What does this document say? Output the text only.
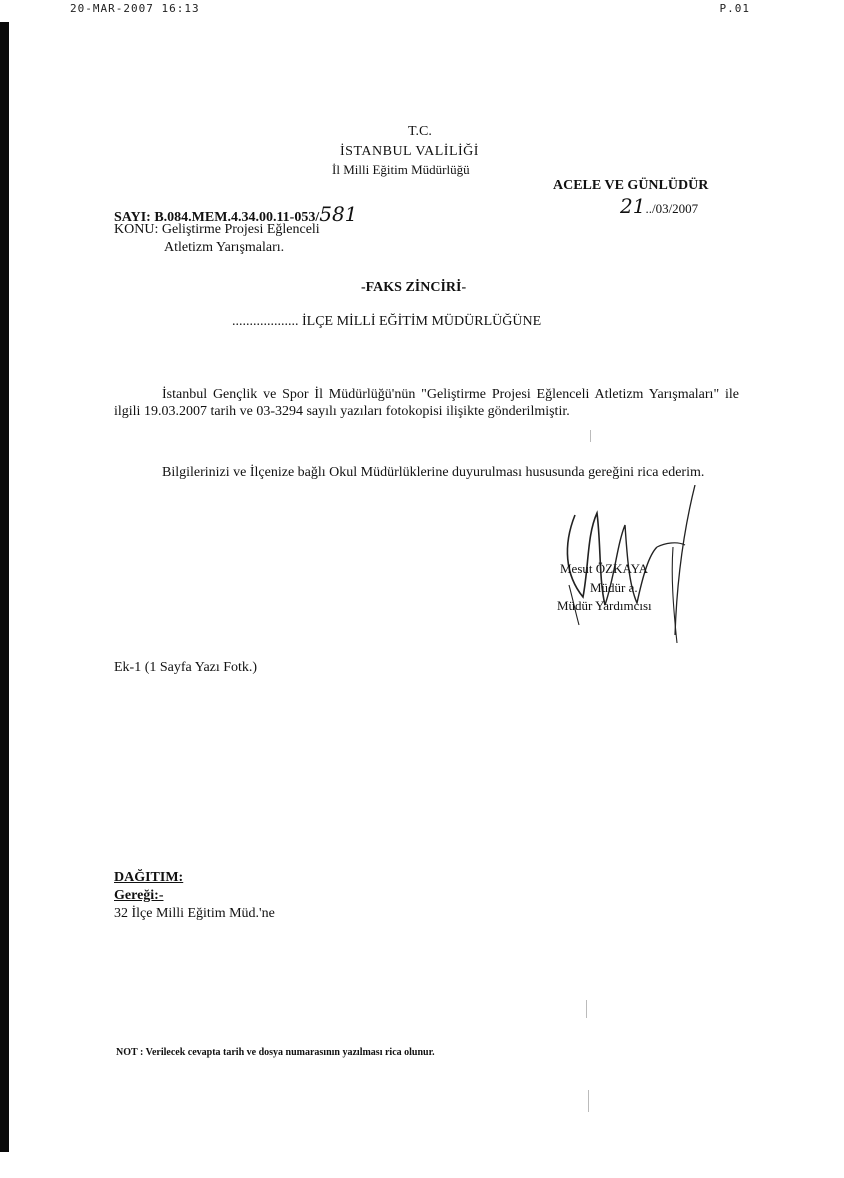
20-MAR-2007 16:13	P.01
T.C.
İSTANBUL VALİLİĞİ
İl Milli Eğitim Müdürlüğü
ACELE VE GÜNLÜDÜR
21../03/2007
SAYI: B.084.MEM.4.34.00.11-053/581
KONU: Geliştirme Projesi Eğlenceli
Atletizm Yarışmaları.
-FAKS ZİNCİRİ-
................... İLÇE MİLLİ EĞİTİM MÜDÜRLÜĞÜNE
İstanbul Gençlik ve Spor İl Müdürlüğü'nün "Geliştirme Projesi Eğlenceli Atletizm Yarışmaları" ile ilgili 19.03.2007 tarih ve 03-3294 sayılı yazıları fotokopisi ilişikte gönderilmiştir.
Bilgilerinizi ve İlçenize bağlı Okul Müdürlüklerine duyurulması hususunda gereğini rica ederim.
Mesut ÖZKAYA
Müdür a.
Müdür Yardımcısı
Ek-1 (1 Sayfa Yazı Fotk.)
DAĞITIM:
Gereği:-
32 İlçe Milli Eğitim Müd.'ne
NOT : Verilecek cevapta tarih ve dosya numarasının yazılması rica olunur.
